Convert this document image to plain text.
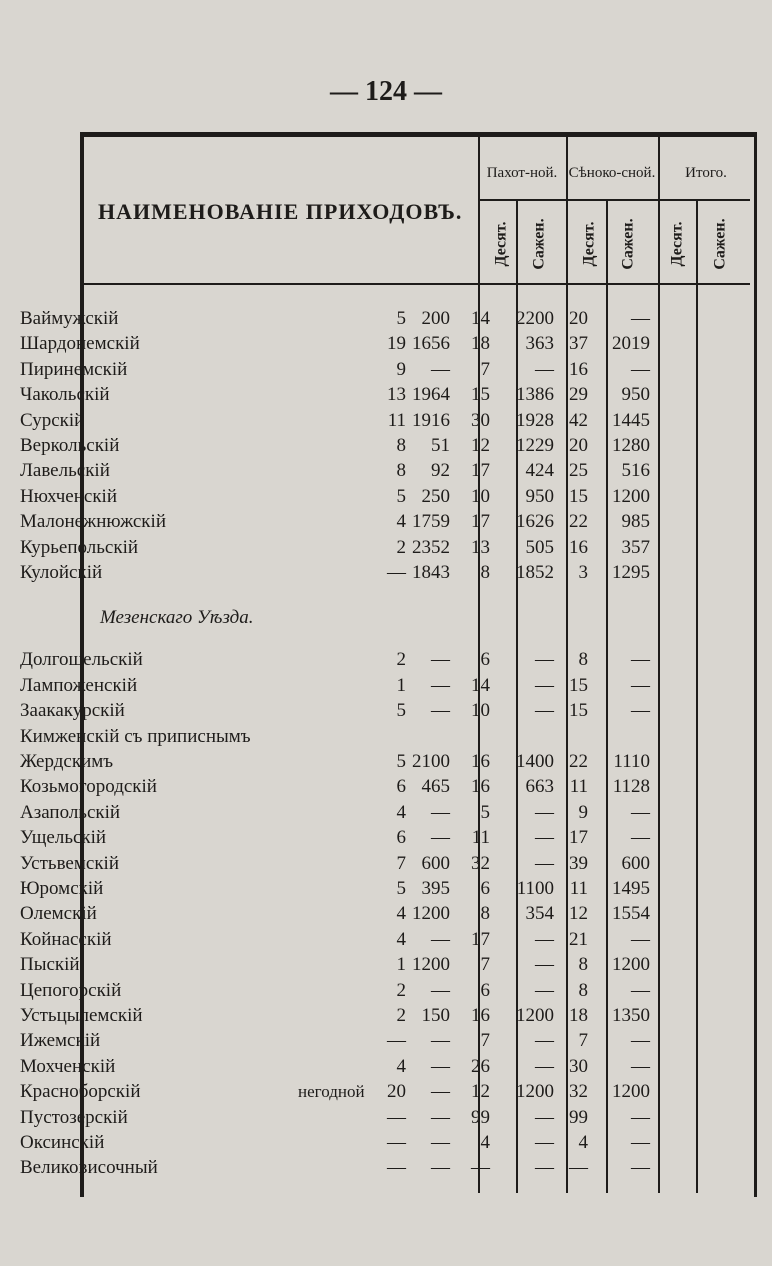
— 124 —
НАИМЕНОВАНІЕ ПРИХОДОВЪ.
Пахот-ной. Сѣноко-сной.	Итого.
Десят. Сажен. Десят. Сажен. Десят. Сажен.
Ваймужскій	5 200 14 2200 20 —
Шардонемскій	19 1656 18 363 37 2019
Пиринемскій	9 — 7 — 16 —
Чакольскій	13 1964 15 1386 29 950
Сурскій	11 1916 30 1928 42 1445
Веркольскій	8 51 12 1229 20 1280
Лавельскій	8 92 17 424 25 516
Нюхченскій	5 250 10 950 15 1200
Малонежнюжскій	4 1759 17 1626 22 985
Курьепольскій	2 2352 13 505 16 357
Кулойскій	— 1843 8 1852 3 1295
Мезенскаго Уѣзда.
Долгощельскій	2 — 6 — 8 —
Лампоженскій	1 — 14 — 15 —
Заакакурскій	5 — 10 — 15 —
Кимженскій съ приписнымъ
Жердскимъ	5 2100 16 1400 22 1110
Козьмогородскій	6 465 16 663 11 1128
Азапольскій	4 — 5 — 9 —
Ущельскій	6 — 11 — 17 —
Устьвемскій	7 600 32 — 39 600
Юромскій	5 395 6 1100 11 1495
Олемскій	4 1200 8 354 12 1554
Койнасскій	4 — 17 — 21 —
Пыскій	1 1200 7 — 8 1200
Цепогорскій	2 — 6 — 8 —
Устьцылемскій	2 150 16 1200 18 1350
Ижемскій	— — 7 — 7 —
Мохченскій	4 — 26 — 30 —
Красноборскій	негодной 20 — 12 1200 32 1200
Пустозерскій	— — 99 — 99 —
Оксинскій	— — 4 — 4 —
Великовисочный	— — — — — —
